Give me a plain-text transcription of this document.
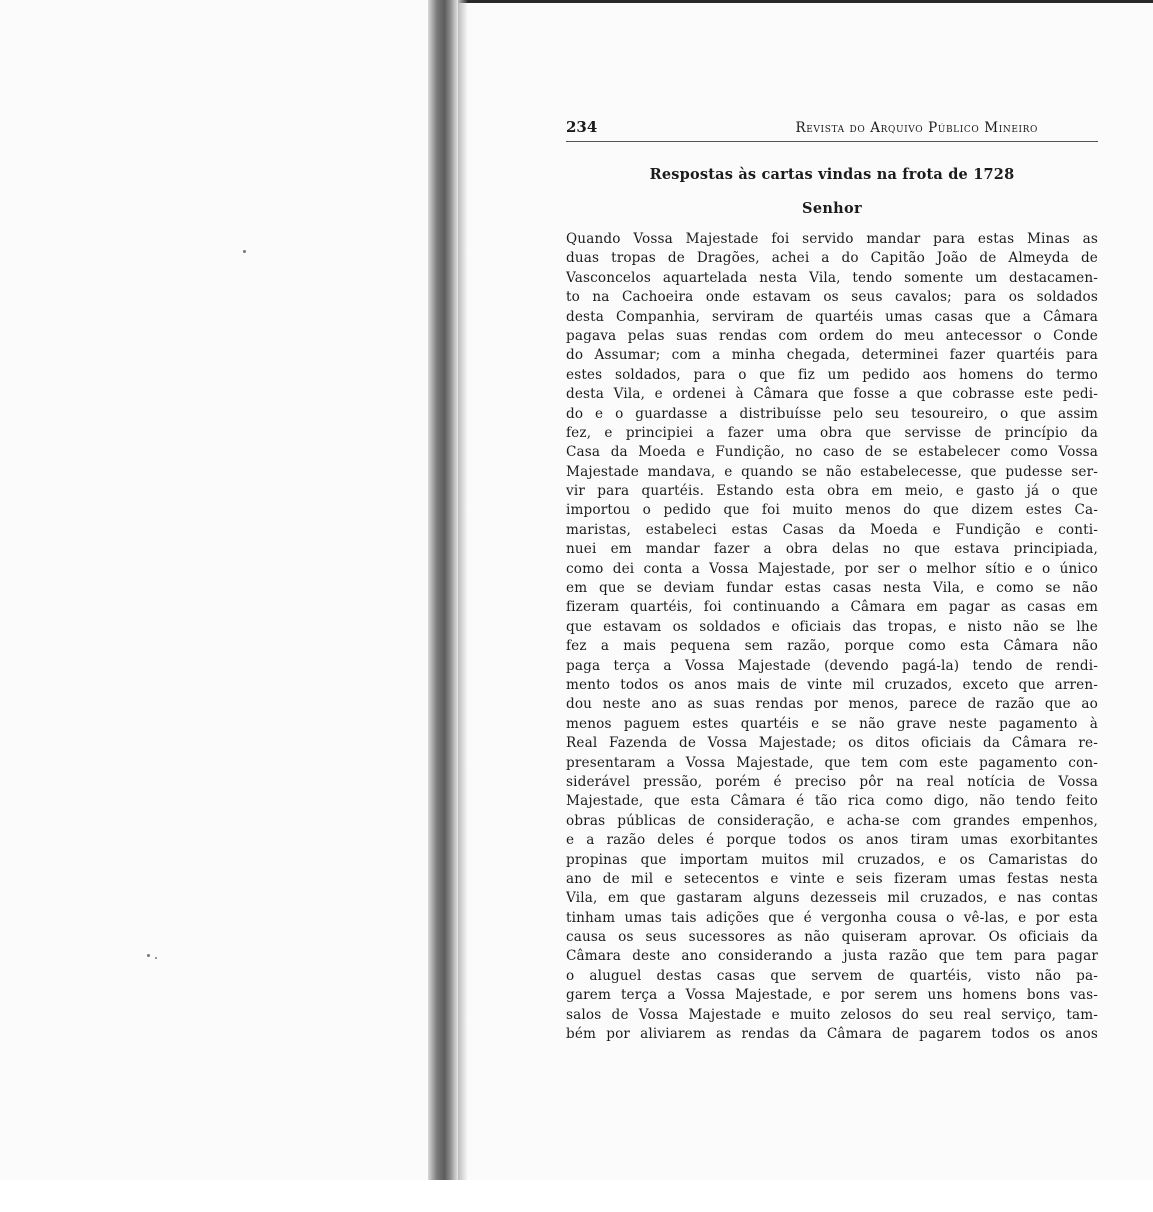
234	Revista do Arquivo Público Mineiro
Respostas às cartas vindas na frota de 1728
Senhor
Quando Vossa Majestade foi servido mandar para estas Minas as
duas tropas de Dragões, achei a do Capitão João de Almeyda de
Vasconcelos aquartelada nesta Vila, tendo somente um destacamen-
to na Cachoeira onde estavam os seus cavalos; para os soldados
desta Companhia, serviram de quartéis umas casas que a Câmara
pagava pelas suas rendas com ordem do meu antecessor o Conde
do Assumar; com a minha chegada, determinei fazer quartéis para
estes soldados, para o que fiz um pedido aos homens do termo
desta Vila, e ordenei à Câmara que fosse a que cobrasse este pedi-
do e o guardasse a distribuísse pelo seu tesoureiro, o que assim
fez, e principiei a fazer uma obra que servisse de princípio da
Casa da Moeda e Fundição, no caso de se estabelecer como Vossa
Majestade mandava, e quando se não estabelecesse, que pudesse ser-
vir para quartéis. Estando esta obra em meio, e gasto já o que
importou o pedido que foi muito menos do que dizem estes Ca-
maristas, estabeleci estas Casas da Moeda e Fundição e conti-
nuei em mandar fazer a obra delas no que estava principiada,
como dei conta a Vossa Majestade, por ser o melhor sítio e o único
em que se deviam fundar estas casas nesta Vila, e como se não
fizeram quartéis, foi continuando a Câmara em pagar as casas em
que estavam os soldados e oficiais das tropas, e nisto não se lhe
fez a mais pequena sem razão, porque como esta Câmara não
paga terça a Vossa Majestade (devendo pagá-la) tendo de rendi-
mento todos os anos mais de vinte mil cruzados, exceto que arren-
dou neste ano as suas rendas por menos, parece de razão que ao
menos paguem estes quartéis e se não grave neste pagamento à
Real Fazenda de Vossa Majestade; os ditos oficiais da Câmara re-
presentaram a Vossa Majestade, que tem com este pagamento con-
siderável pressão, porém é preciso pôr na real notícia de Vossa
Majestade, que esta Câmara é tão rica como digo, não tendo feito
obras públicas de consideração, e acha-se com grandes empenhos,
e a razão deles é porque todos os anos tiram umas exorbitantes
propinas que importam muitos mil cruzados, e os Camaristas do
ano de mil e setecentos e vinte e seis fizeram umas festas nesta
Vila, em que gastaram alguns dezesseis mil cruzados, e nas contas
tinham umas tais adições que é vergonha cousa o vê-las, e por esta
causa os seus sucessores as não quiseram aprovar. Os oficiais da
Câmara deste ano considerando a justa razão que tem para pagar
o aluguel destas casas que servem de quartéis, visto não pa-
garem terça a Vossa Majestade, e por serem uns homens bons vas-
salos de Vossa Majestade e muito zelosos do seu real serviço, tam-
bém por aliviarem as rendas da Câmara de pagarem todos os anos
